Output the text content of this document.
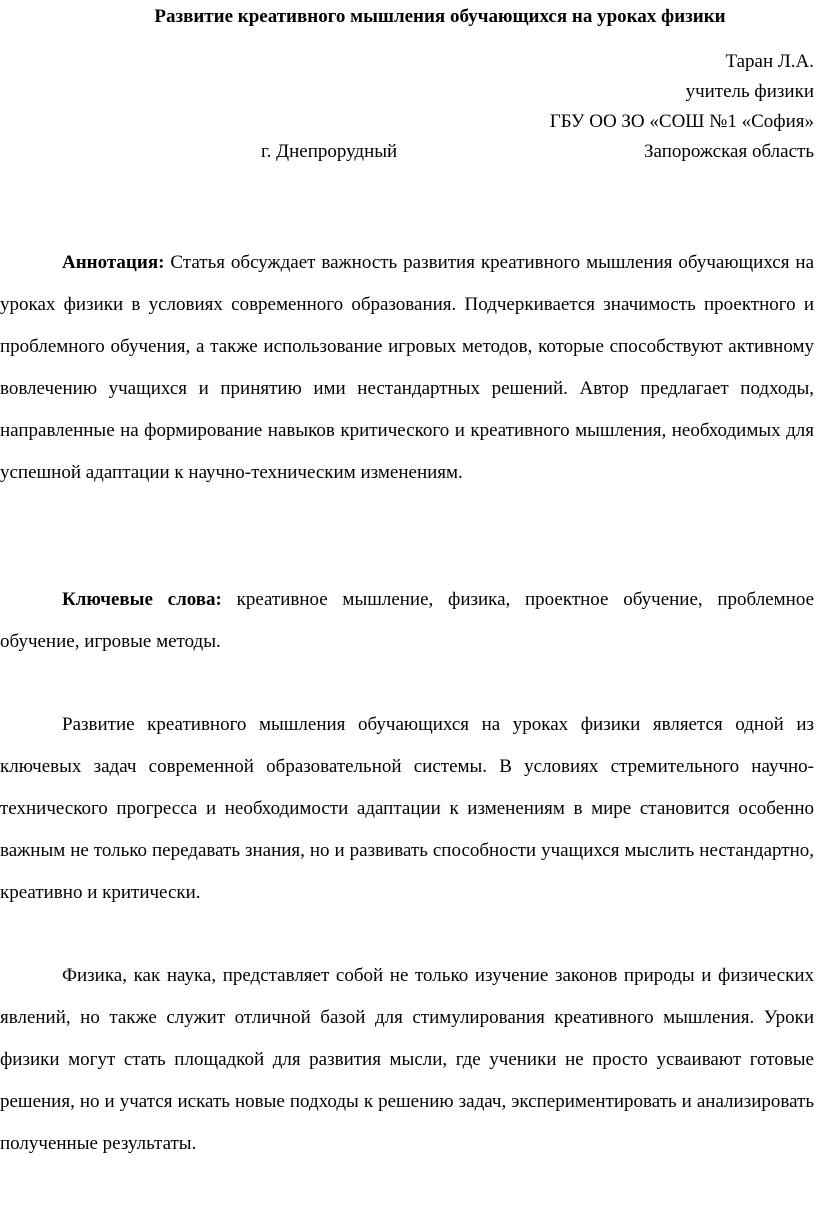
Развитие креативного мышления обучающихся на уроках физики
Таран Л.А.
учитель физики
ГБУ ОО ЗО «СОШ №1 «София»
г. Днепрорудный	Запорожская область

Аннотация: Статья обсуждает важность развития креативного мышления обучающихся на уроках физики в условиях современного образования. Подчеркивается значимость проектного и проблемного обучения, а также использование игровых методов, которые способствуют активному вовлечению учащихся и принятию ими нестандартных решений. Автор предлагает подходы, направленные на формирование навыков критического и креативного мышления, необходимых для успешной адаптации к научно-техническим изменениям.

Ключевые слова: креативное мышление, физика, проектное обучение, проблемное обучение, игровые методы.

Развитие креативного мышления обучающихся на уроках физики является одной из ключевых задач современной образовательной системы. В условиях стремительного научно-технического прогресса и необходимости адаптации к изменениям в мире становится особенно важным не только передавать знания, но и развивать способности учащихся мыслить нестандартно, креативно и критически.

Физика, как наука, представляет собой не только изучение законов природы и физических явлений, но также служит отличной базой для стимулирования креативного мышления. Уроки физики могут стать площадкой для развития мысли, где ученики не просто усваивают готовые решения, но и учатся искать новые подходы к решению задач, экспериментировать и анализировать полученные результаты.
